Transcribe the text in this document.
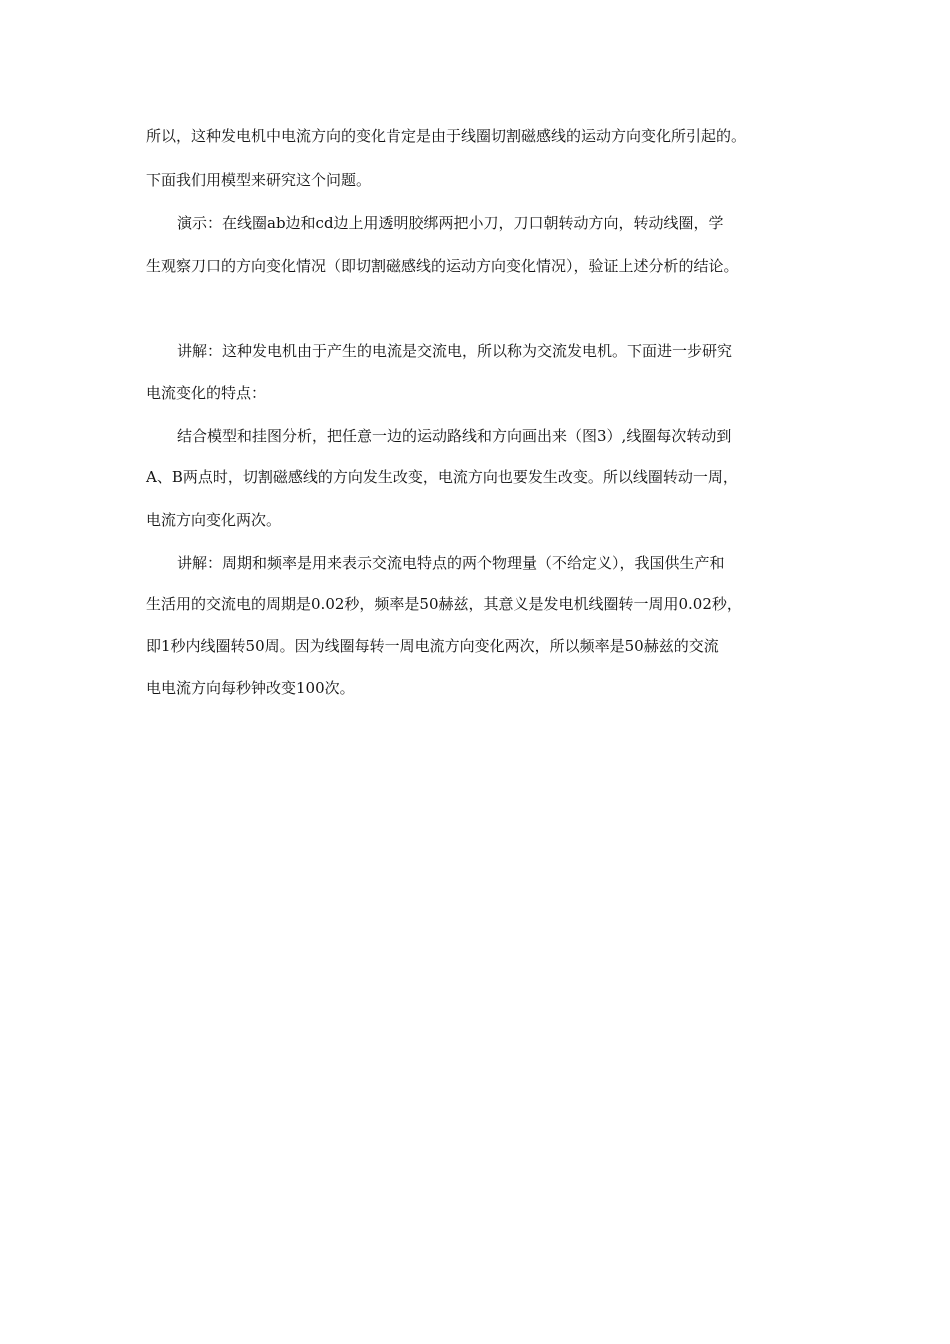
所以，这种发电机中电流方向的变化肯定是由于线圈切割磁感线的运动方向变化所引起的。
下面我们用模型来研究这个问题。
演示：在线圈ab边和cd边上用透明胶绑两把小刀，刀口朝转动方向，转动线圈，学
生观察刀口的方向变化情况（即切割磁感线的运动方向变化情况），验证上述分析的结论。
讲解：这种发电机由于产生的电流是交流电，所以称为交流发电机。下面进一步研究
电流变化的特点：
结合模型和挂图分析，把任意一边的运动路线和方向画出来（图3）,线圈每次转动到
A、B两点时，切割磁感线的方向发生改变，电流方向也要发生改变。所以线圈转动一周，
电流方向变化两次。
讲解：周期和频率是用来表示交流电特点的两个物理量（不给定义），我国供生产和
生活用的交流电的周期是0.02秒，频率是50赫兹，其意义是发电机线圈转一周用0.02秒，
即1秒内线圈转50周。因为线圈每转一周电流方向变化两次，所以频率是50赫兹的交流
电电流方向每秒钟改变100次。
